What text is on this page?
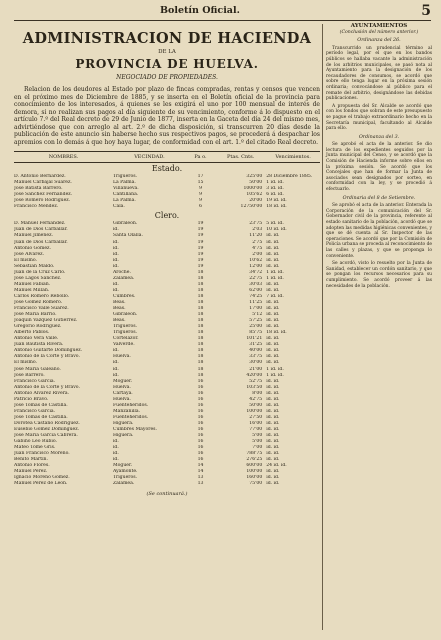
Boletín Oficial.	5
ADMINISTRACION DE HACIENDA
DE LA
PROVINCIA DE HUELVA.
NEGOCIADO DE PROPIEDADES.
Relacion de los deudores al Estado por plazo de fincas compradas, rentas y censos que vencen en el próximo mes de Diciembre de 1885, y se inserta en el Boletín oficial de la provincia para conocimiento de los interesados, á quienes se les exigirá el uno por 100 mensual de interés de demora, si no realizan sus pagos al día siguiente de su vencimiento, conforme á lo dispuesto en el artículo 7.º del Real decreto de 29 de Junio de 1877, inserta en la Gaceta del día 24 del mismo mes, advirtiéndose que con arreglo al art. 2.º de dicha disposición, si transcurren 20 días desde la publicación de este anuncio sin haberse hecho sus respectivos pagos, se procederá á despachar los apremios con lo demás á que hoy haya lugar, de conformidad con el art. 1.º del citado Real decreto.
NOMBRES.	VECINDAD.	Pa o.	Ptas. Cnts.	Vencimientos.
Estado.				
D. Antonio Bernardez.	Trigueros.	17	325'00	28 Diciembre 1885.
Manuel Carbajal Suarez.	La Palma.	15	50'00	1 id. id.
José Batista Barrero.	Villanueva.	9	1000'00	3 id. id.
José Sanchez Fernandez.	Cantillana.	9	105'62	6 id. id.
José Romero Rodriguez.	La Palma.	9	20'00	19 id. id.
Francisco Mendez.	Cala.	6	12750'00	18 id. id.
Clero.				
D. Manuel Fernandez.	Gibraleón.	19	23'75	5 id. id.
Juan de Dios Carballar.	id.	19	2'03	10 id. id.
Manuel Jiménez.	Santa Olalla.	19	11'20	id. id.
Juan de Dios Carballar.	id.	19	2'75	id. id.
Antonio Gomez.	id.	19	4'75	id. id.
José Alvarez.	id.	19	2'00	id. id.
El mismo.	id.	19	10'62	id. id.
Sebastián Maldo.	id.	19	12'00	id. id.
Juan de la Cruz Carlo.	Aroche.	18	34'72	1 id. id.
José Lagos Sanchez.	Zalamea.	18	22'75	1 id. id.
Manuel Fabian.	id.	18	30'03	id. id.
Manuel Millán.	id.	18	62'00	id. id.
Carlos Romero Rebollo.	Cumbres.	18	74'25	7 id. id.
José Gomez Romero.	Beas.	18	11'25	id. id.
Francisco Valle Suarez.	Beas.	18	17'00	id. id.
José Maria Barrio.	Gibraleón.	18	5'12	id. id.
Joaquín Vazquez Gutierrez.	Beas.	18	57'25	id. id.
Gregorio Rodriguez.	Trigueros.	18	25'00	id. id.
Alberto Pablos.	Trigueros.	18	85'75	18 id. id.
Antonio Vera Valle.	Cortelazor.	18	101'21	id. id.
Juan Bautista Rivera.	Valverde.	18	31'25	id. id.
Antonio Guitarte Domínguez.	id.	18	40'00	id. id.
Antonio de la Corte y Bravo.	Huelva.	18	33'75	id. id.
El mismo.	id.	18	30'00	id. id.
José María Galeano.	id.	18	21'00	1 id. id.
José Barrero.	id.	18	420'00	1 id. id.
Francisco Garcia.	Moguer.	16	52'75	id. id.
Antonio de la Corte y Bravo.	Huelva.	16	103'50	id. id.
Antonio Alvarez Rivera.	Cartaya.	16	8'00	id. id.
Patricio Bravo.	Huelva.	16	42'75	id. id.
José Tomás de Castilla.	Fuenteheridos.	16	50'00	id. id.
Francisco Garcia.	Manzanilla.	16	100'00	id. id.
José Tomás de Castilla.	Fuenteheridos.	16	27'50	id. id.
Dorotea Castaño Rodriguez.	Higuera.	16	16'00	id. id.
Eusebio Gómez Domínguez.	Cumbres Mayores.	16	77'00	id. id.
José María García Cabrera.	Higuera.	16	5'00	id. id.
Gabino Leo Rubio.	id.	16	5'00	id. id.
Mateo Tomé Gris.	id.	16	7'00	id. id.
Juan Francisco Moreno.	id.	16	788'75	id. id.
Benito Martín.	id.	16	276'25	id. id.
Antonio Flores.	Moguer.	14	600'00	24 id. id.
Manuel Perez.	Ayamonte.	14	100'00	id. id.
Ignacio Moreno Gómez.	Trigueros.	13	160'00	id. id.
Manuel Pérez de Leon.	Zalamea.	13	75'00	id. id.
(Se continuará.)
AYUNTAMIENTOS
(Conclusión del número anterior.)
Ordinanza del 26.

Transcurrido un prudencial término al período legal, por el que en los bandos públicos se hallaba vacante la administración de los arbitrios municipales, se pasó nota al Ayuntamiento para la designación de los recaudadores de consumos, se acordó que sobre ello tenga lugar en la próxima sesión ordinaria; convocándose al público para el remate del arbitrio, designándose las debidas publicaciones.

A propuesta del Sr. Alcalde se acordó que con los fondos que sobran de este presupuesto se pague el trabajo extraordinario hecho en la Secretaría municipal, facultando al Alcalde para ello.

Ordinanza del 3.

Se aprobó el acta de la anterior. Se dio lectura de los expedientes seguidos por la Junta municipal del Censo, y se acordó que la Comisión de Hacienda informe sobre ellos en la próxima sesión. Se acordó que los Concejales que han de formar la Junta de asociados sean designados por sorteo, en conformidad con la ley, y se procedió á efectuarlo.

Ordinaria del 8 de Setiembre.

Se aprobó el acta de la anterior. Enterada la Corporación de la comunicación del Sr. Gobernador civil de la provincia, referente al estado sanitario de la población, acordó que se adopten las medidas higiénicas convenientes, y que se dé cuenta al Sr. Inspector de las operaciones. Se acordó que por la Comisión de Policía urbana se proceda al reconocimiento de las calles y plazas, y que se proponga lo conveniente.

Se acordó, visto lo resuelto por la Junta de Sanidad, establecer un cordón sanitario, y que se pongan los recursos necesarios para su cumplimiento. Se acordó proveer á las necesidades de la población.
